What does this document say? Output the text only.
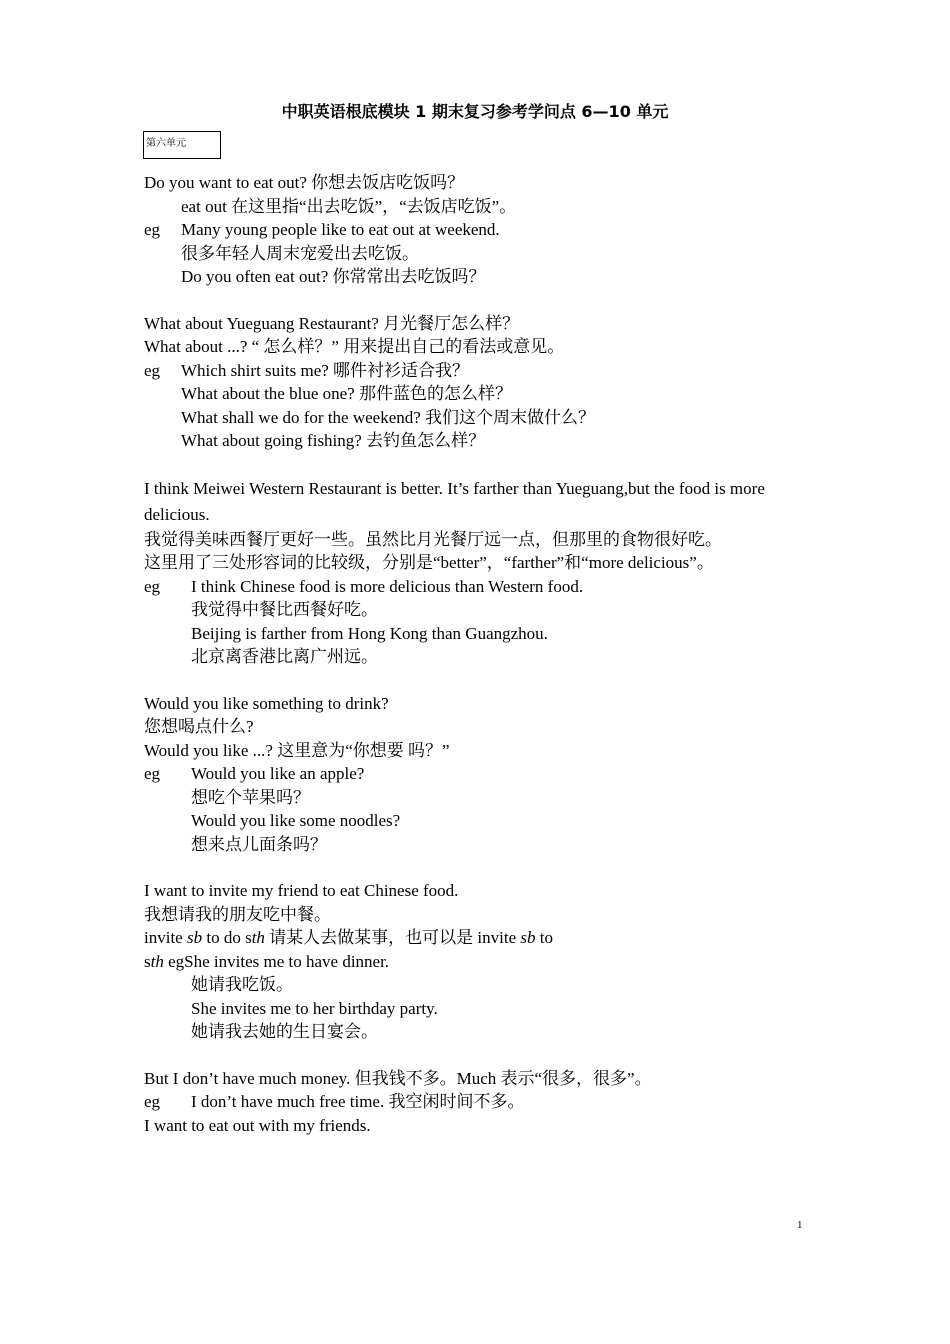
中职英语根底模块 1 期末复习参考学问点 6—10 单元
第六单元
Do you want to eat out? 你想去饭店吃饭吗？
eat out 在这里指“出去吃饭”，“去饭店吃饭”。
eg Many young people like to eat out at weekend.
很多年轻人周末宠爱出去吃饭。
Do you often eat out? 你常常出去吃饭吗？
What about Yueguang Restaurant? 月光餐厅怎么样？
What about ...? “ 怎么样？” 用来提出自己的看法或意见。
eg Which shirt suits me? 哪件衬衫适合我？
What about the blue one? 那件蓝色的怎么样？
What shall we do for the weekend? 我们这个周末做什么？
What about going fishing? 去钓鱼怎么样？
I think Meiwei Western Restaurant is better. It’s farther than Yueguang,but the food is more delicious.
我觉得美味西餐厅更好一些。虽然比月光餐厅远一点，但那里的食物很好吃。
这里用了三处形容词的比较级，分别是“better”，“farther”和“more delicious”。
eg I think Chinese food is more delicious than Western food.
我觉得中餐比西餐好吃。
Beijing is farther from Hong Kong than Guangzhou.
北京离香港比离广州远。
Would you like something to drink?
您想喝点什么?
Would you like ...? 这里意为“你想要 吗？”
eg Would you like an apple?
想吃个苹果吗？
Would you like some noodles?
想来点儿面条吗？
I want to invite my friend to eat Chinese food.
我想请我的朋友吃中餐。
invite sb to do sth 请某人去做某事，也可以是 invite sb to
sth egShe invites me to have dinner.
她请我吃饭。
She invites me to her birthday party.
她请我去她的生日宴会。
But I don’t have much money. 但我钱不多。Much 表示“很多，很多”。
eg I don’t have much free time. 我空闲时间不多。
I want to eat out with my friends.
1
